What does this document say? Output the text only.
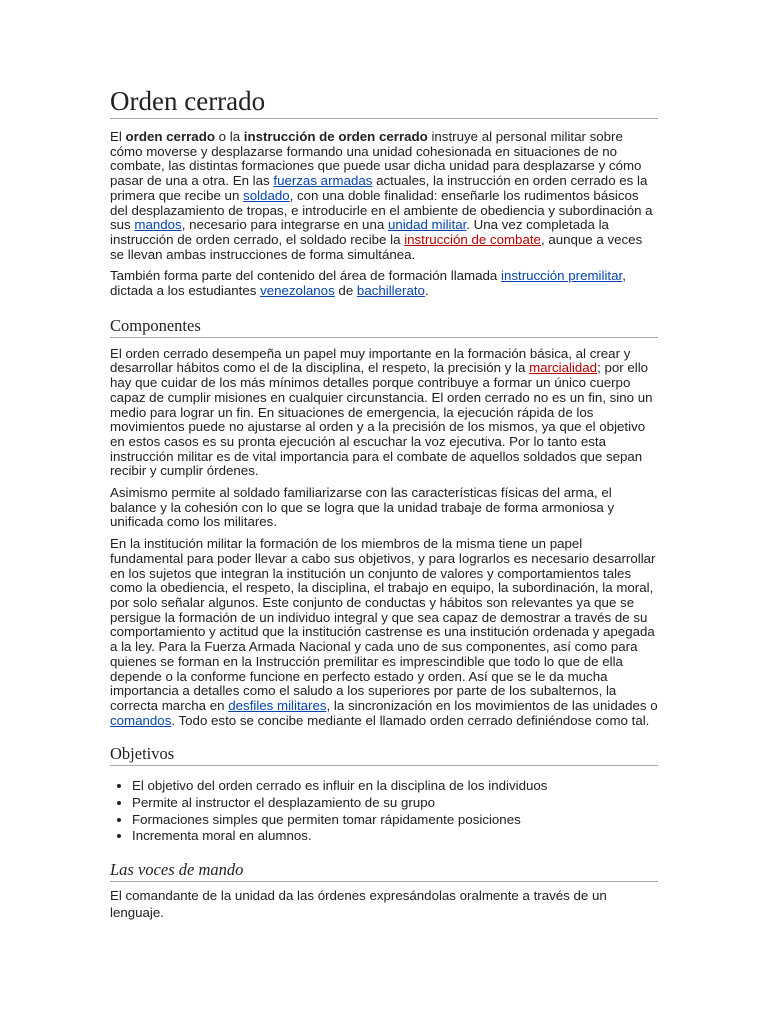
Orden cerrado

El orden cerrado o la instrucción de orden cerrado instruye al personal militar sobre cómo moverse y desplazarse formando una unidad cohesionada en situaciones de no combate, las distintas formaciones que puede usar dicha unidad para desplazarse y cómo pasar de una a otra. En las fuerzas armadas actuales, la instrucción en orden cerrado es la primera que recibe un soldado, con una doble finalidad: enseñarle los rudimentos básicos del desplazamiento de tropas, e introducirle en el ambiente de obediencia y subordinación a sus mandos, necesario para integrarse en una unidad militar. Una vez completada la instrucción de orden cerrado, el soldado recibe la instrucción de combate, aunque a veces se llevan ambas instrucciones de forma simultánea.

También forma parte del contenido del área de formación llamada instrucción premilitar, dictada a los estudiantes venezolanos de bachillerato.

Componentes

El orden cerrado desempeña un papel muy importante en la formación básica, al crear y desarrollar hábitos como el de la disciplina, el respeto, la precisión y la marcialidad; por ello hay que cuidar de los más mínimos detalles porque contribuye a formar un único cuerpo capaz de cumplir misiones en cualquier circunstancia. El orden cerrado no es un fin, sino un medio para lograr un fin. En situaciones de emergencia, la ejecución rápida de los movimientos puede no ajustarse al orden y a la precisión de los mismos, ya que el objetivo en estos casos es su pronta ejecución al escuchar la voz ejecutiva. Por lo tanto esta instrucción militar es de vital importancia para el combate de aquellos soldados que sepan recibir y cumplir órdenes.

Asimismo permite al soldado familiarizarse con las características físicas del arma, el balance y la cohesión con lo que se logra que la unidad trabaje de forma armoniosa y unificada como los militares.

En la institución militar la formación de los miembros de la misma tiene un papel fundamental para poder llevar a cabo sus objetivos, y para lograrlos es necesario desarrollar en los sujetos que integran la institución un conjunto de valores y comportamientos tales como la obediencia, el respeto, la disciplina, el trabajo en equipo, la subordinación, la moral, por solo señalar algunos. Este conjunto de conductas y hábitos son relevantes ya que se persigue la formación de un individuo integral y que sea capaz de demostrar a través de su comportamiento y actitud que la institución castrense es una institución ordenada y apegada a la ley. Para la Fuerza Armada Nacional y cada uno de sus componentes, así como para quienes se forman en la Instrucción premilitar es imprescindible que todo lo que de ella depende o la conforme funcione en perfecto estado y orden. Así que se le da mucha importancia a detalles como el saludo a los superiores por parte de los subalternos, la correcta marcha en desfiles militares, la sincronización en los movimientos de las unidades o comandos. Todo esto se concibe mediante el llamado orden cerrado definiéndose como tal.

Objetivos
• El objetivo del orden cerrado es influir en la disciplina de los individuos
• Permite al instructor el desplazamiento de su grupo
• Formaciones simples que permiten tomar rápidamente posiciones
• Incrementa moral en alumnos.
Las voces de mando

El comandante de la unidad da las órdenes expresándolas oralmente a través de un lenguaje.
